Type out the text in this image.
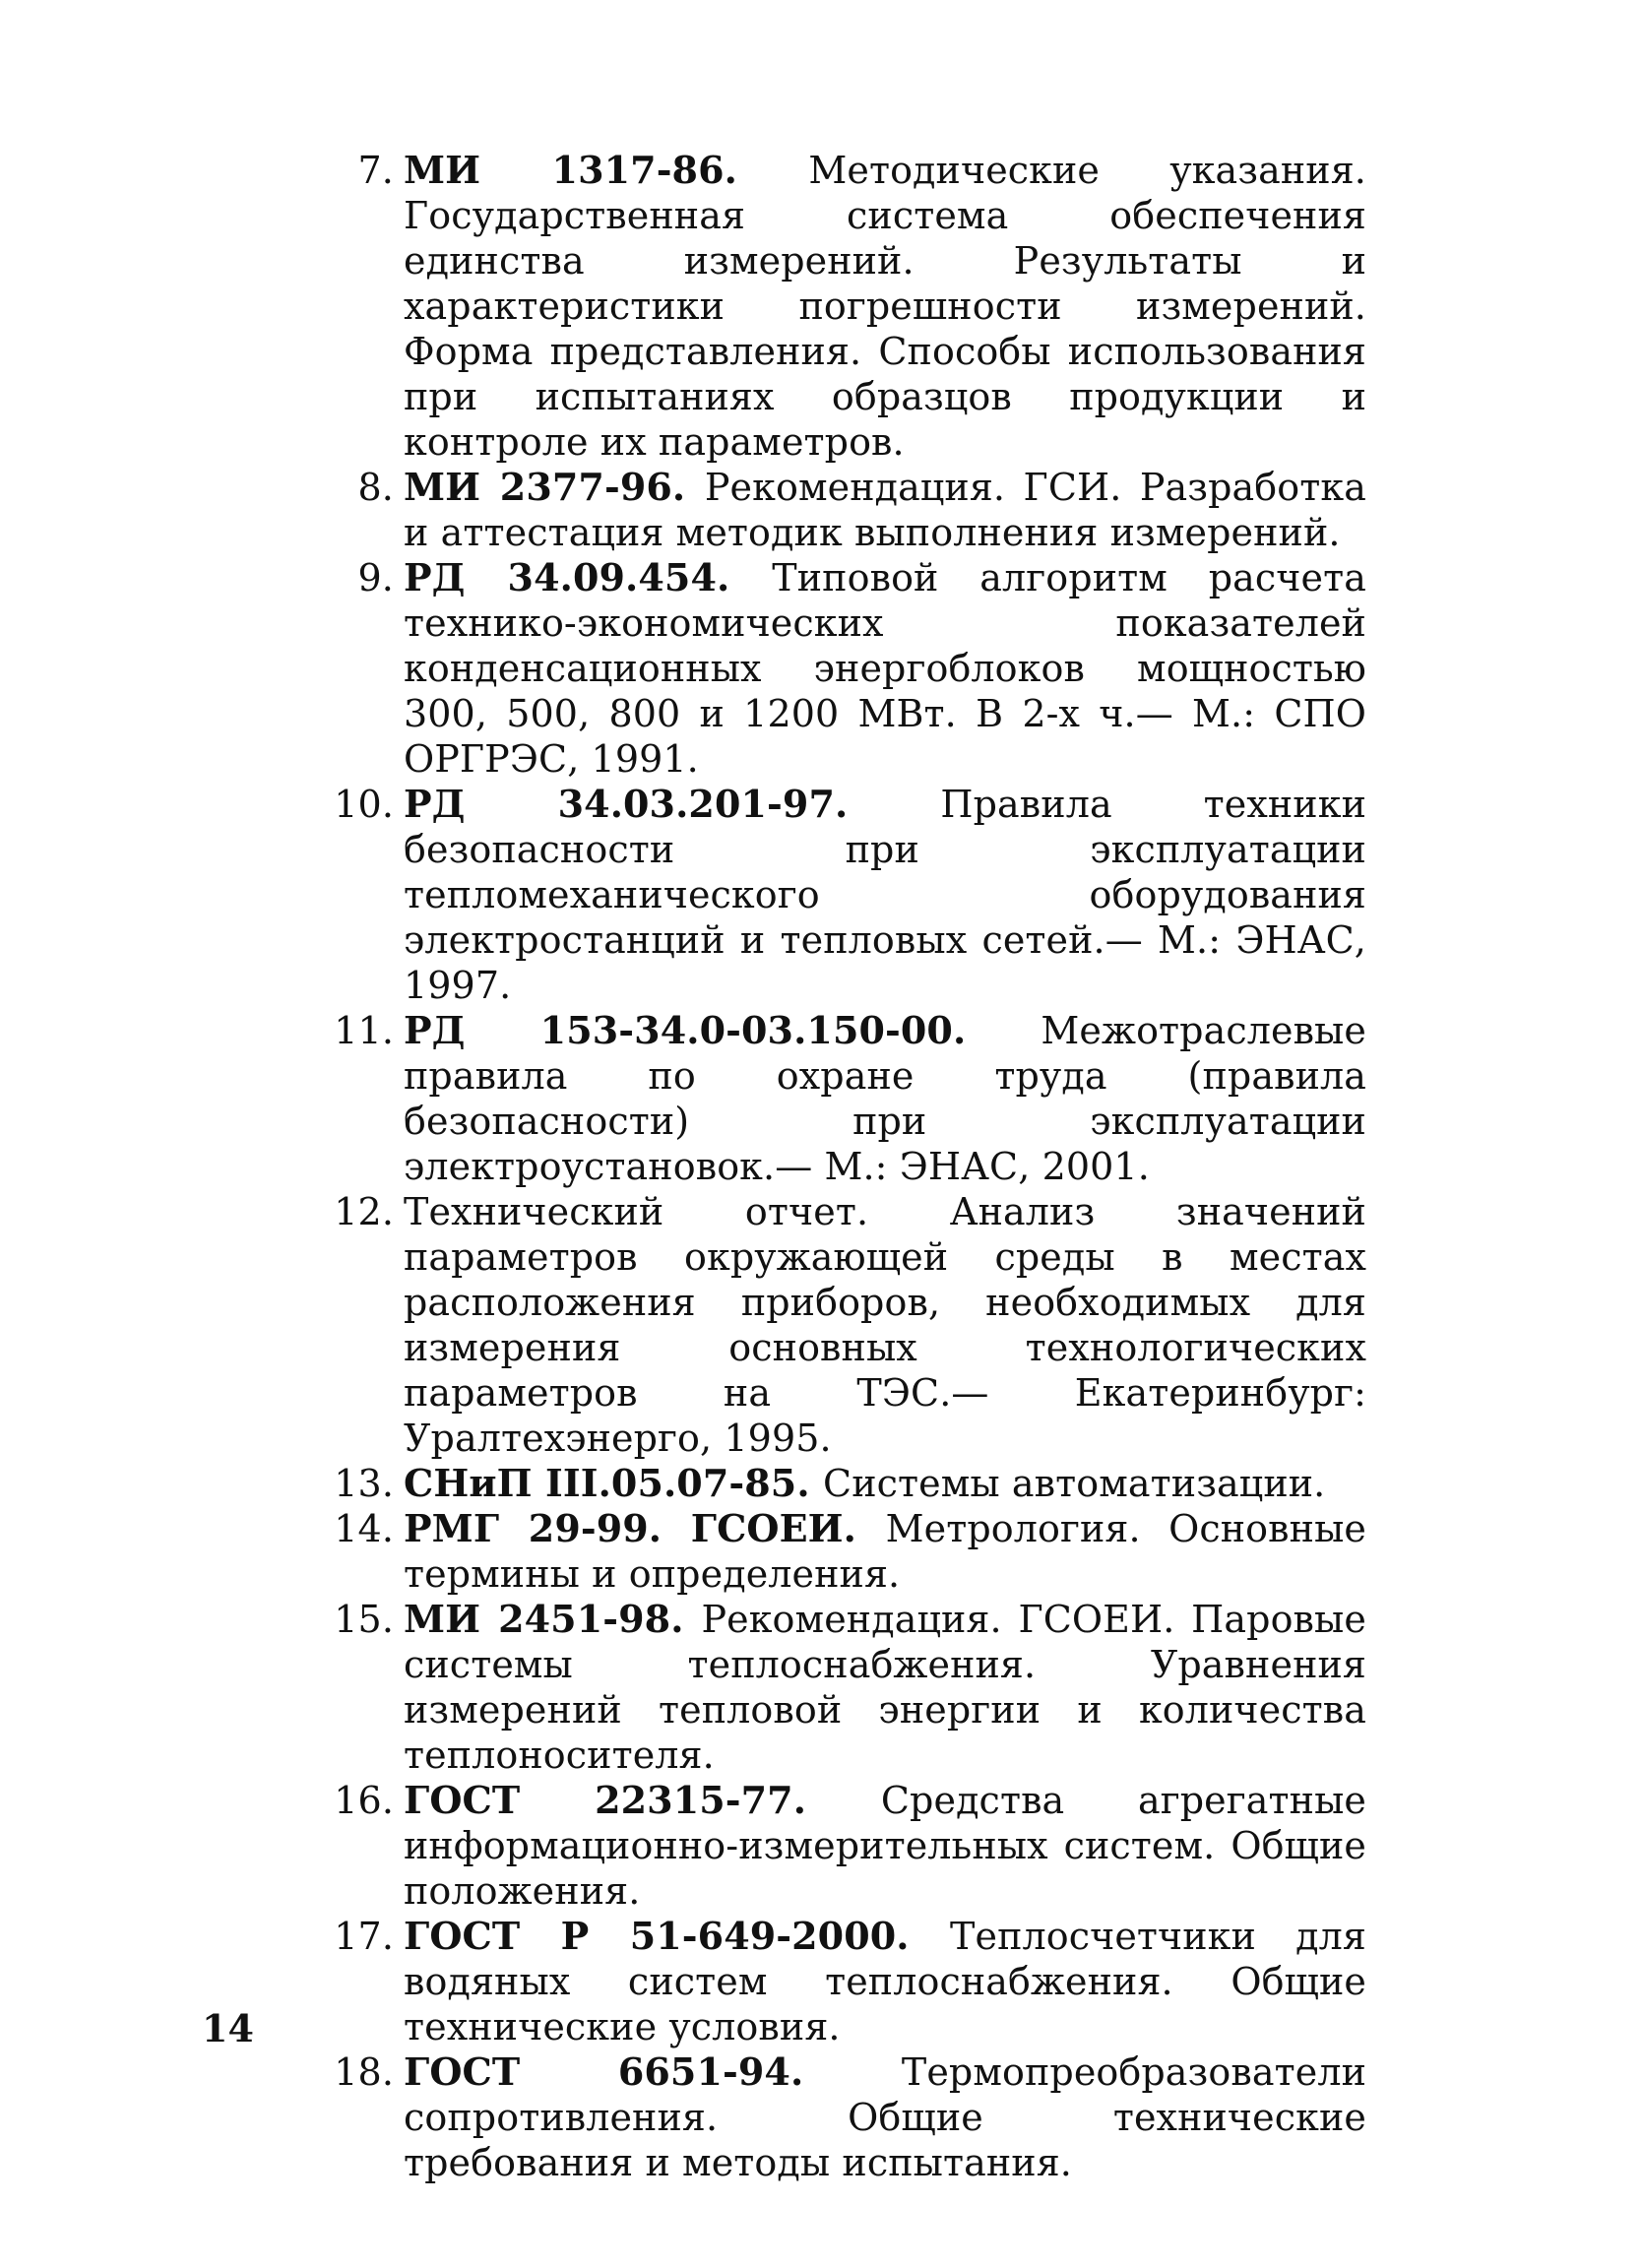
7. МИ 1317-86. Методические указания. Государственная система обеспечения единства измерений. Результаты и характеристики погрешности измерений. Форма представления. Способы использования при испытаниях образцов продукции и контроле их параметров.
8. МИ 2377-96. Рекомендация. ГСИ. Разработка и аттестация методик выполнения измерений.
9. РД 34.09.454. Типовой алгоритм расчета технико-экономических показателей конденсационных энергоблоков мощностью 300, 500, 800 и 1200 МВт. В 2-х ч.— М.: СПО ОРГРЭС, 1991.
10. РД 34.03.201-97. Правила техники безопасности при эксплуатации тепломеханического оборудования электростанций и тепловых сетей.— М.: ЭНАС, 1997.
11. РД 153-34.0-03.150-00. Межотраслевые правила по охране труда (правила безопасности) при эксплуатации электроустановок.— М.: ЭНАС, 2001.
12. Технический отчет. Анализ значений параметров окружающей среды в местах расположения приборов, необходимых для измерения основных технологических параметров на ТЭС.— Екатеринбург: Уралтехэнерго, 1995.
13. СНиП III.05.07-85. Системы автоматизации.
14. РМГ 29-99. ГСОЕИ. Метрология. Основные термины и определения.
15. МИ 2451-98. Рекомендация. ГСОЕИ. Паровые системы теплоснабжения. Уравнения измерений тепловой энергии и количества теплоносителя.
16. ГОСТ 22315-77. Средства агрегатные информационно-измерительных систем. Общие положения.
17. ГОСТ Р 51-649-2000. Теплосчетчики для водяных систем теплоснабжения. Общие технические условия.
18. ГОСТ 6651-94. Термопреобразователи сопротивления. Общие технические требования и методы испытания.
14
